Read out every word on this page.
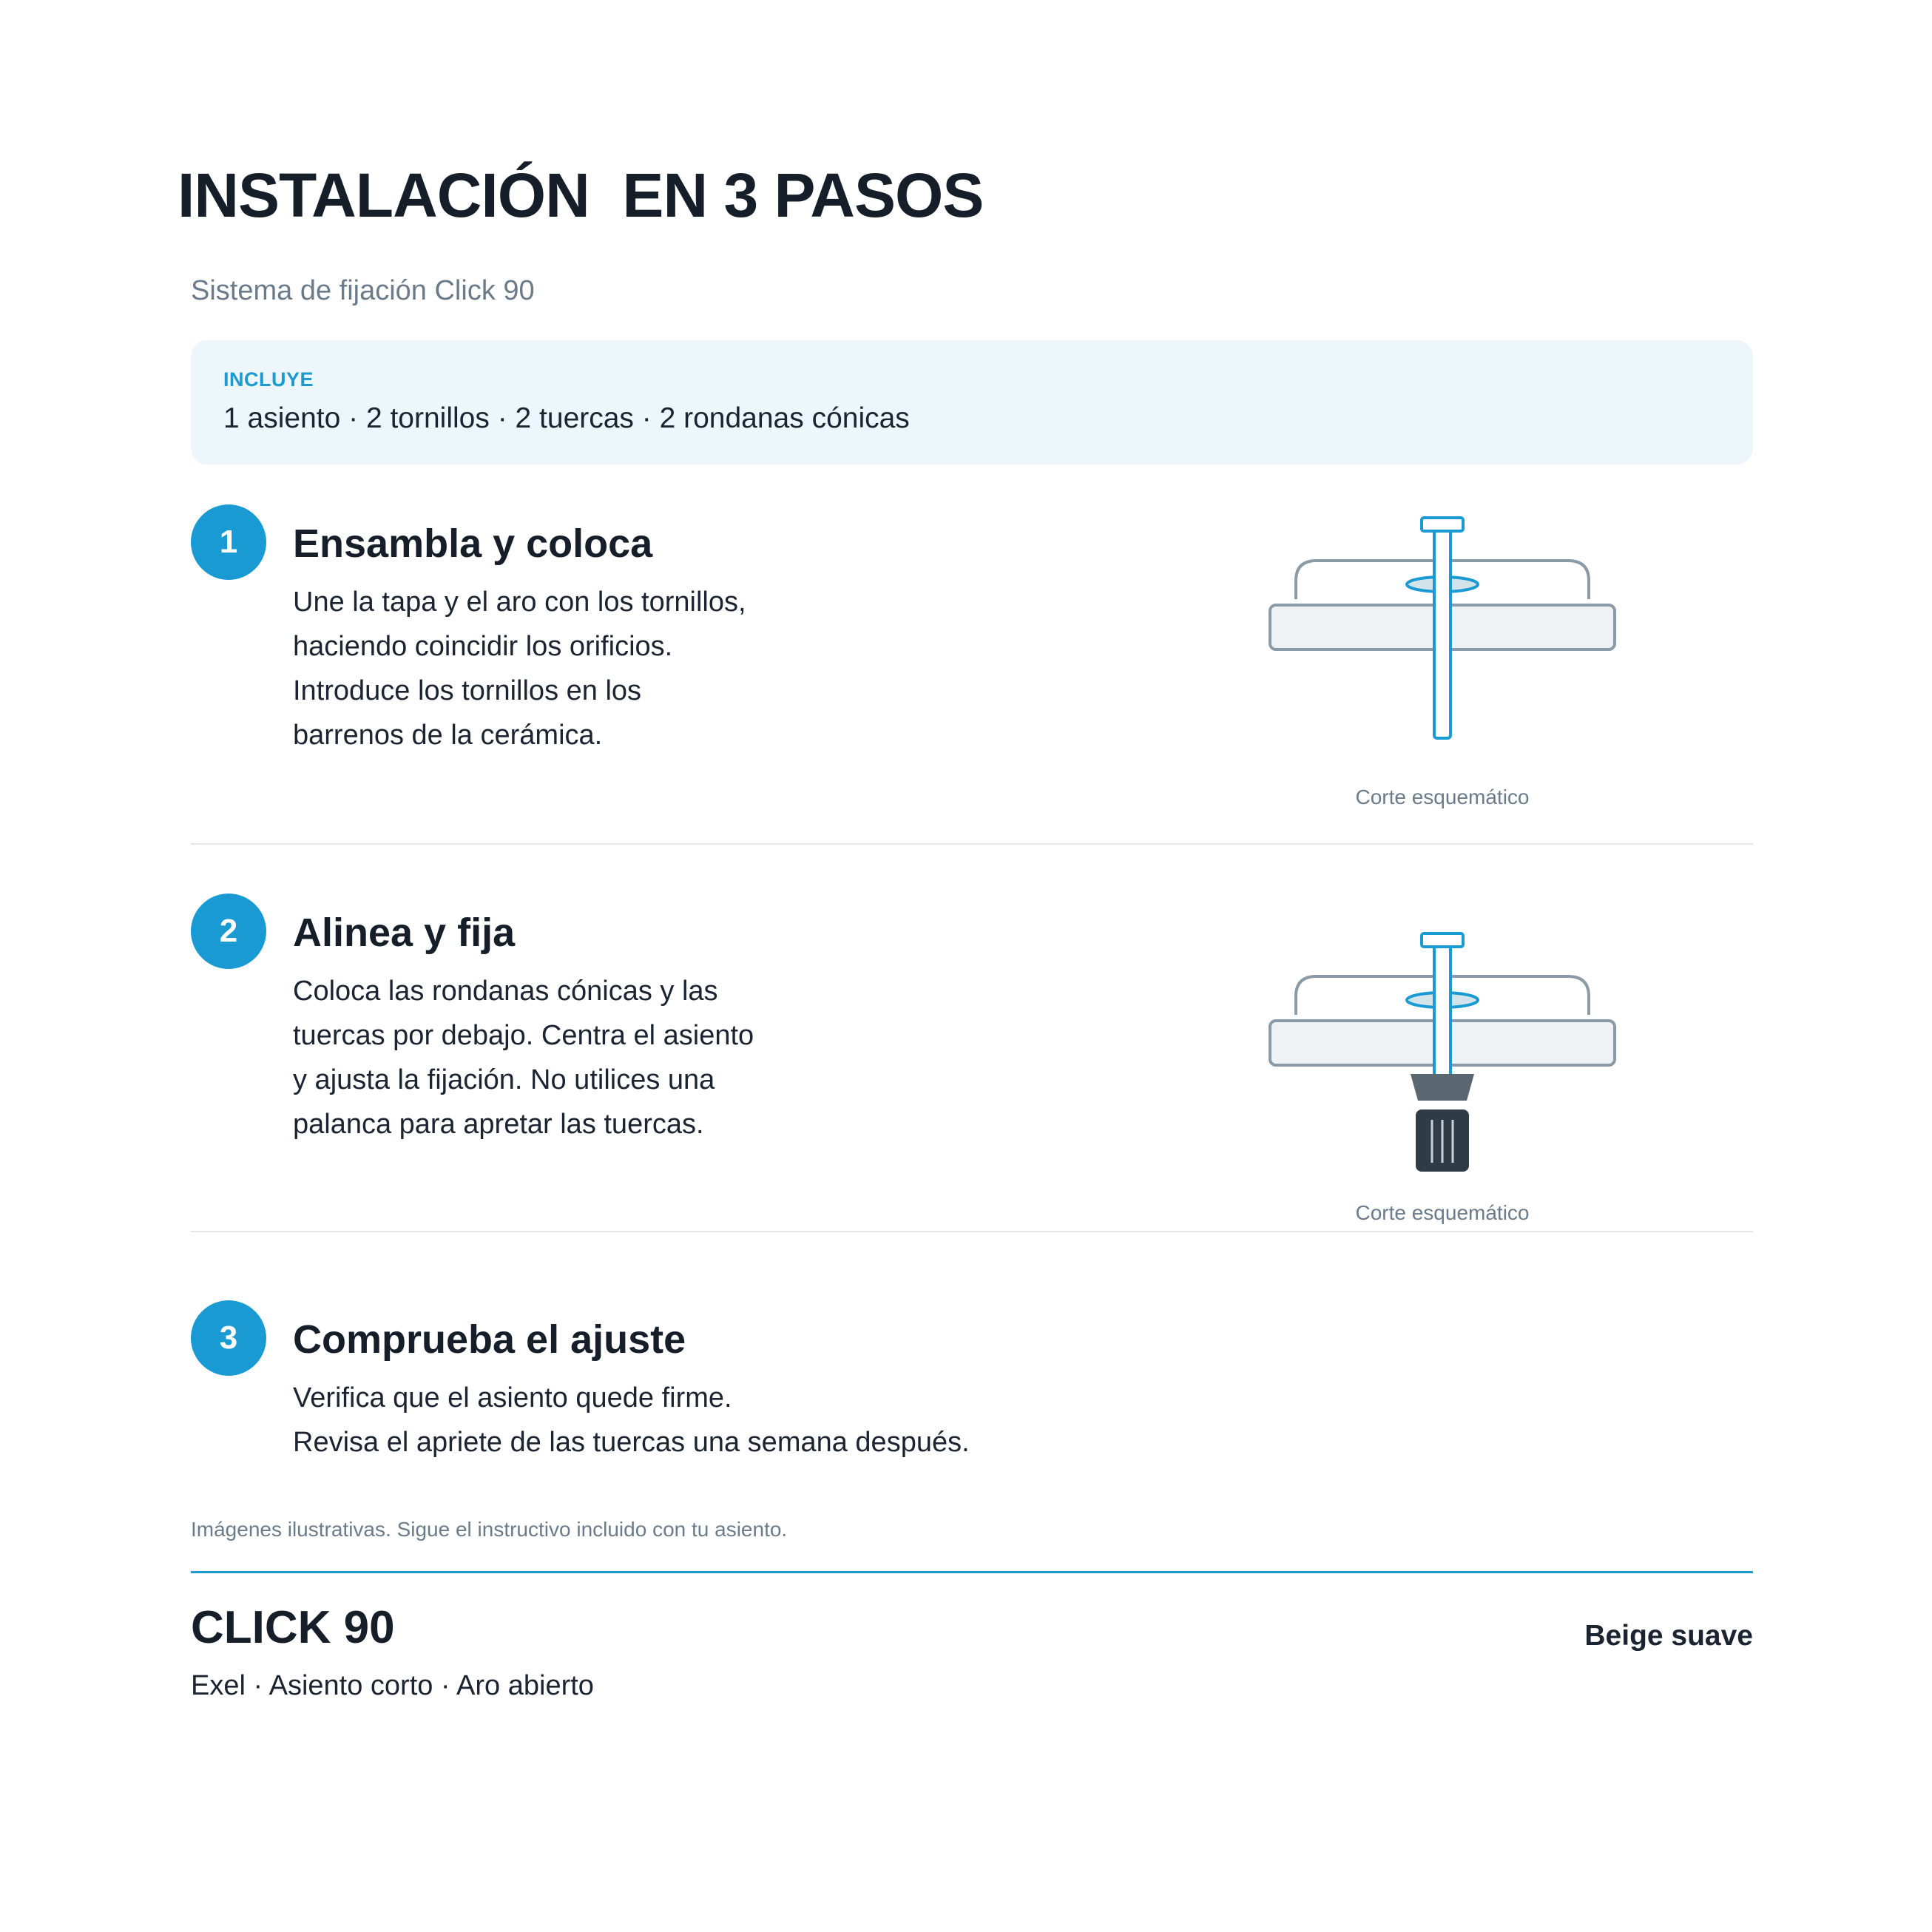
INSTALACIÓN  EN 3 PASOS
Sistema de fijación Click 90
INCLUYE
1 asiento · 2 tornillos · 2 tuercas · 2 rondanas cónicas
1	Ensambla y coloca
Une la tapa y el aro con los tornillos,
haciendo coincidir los orificios.
Introduce los tornillos en los
barrenos de la cerámica.
Corte esquemático
2	Alinea y fija
Coloca las rondanas cónicas y las
tuercas por debajo. Centra el asiento
y ajusta la fijación. No utilices una
palanca para apretar las tuercas.
Corte esquemático
3	Comprueba el ajuste
Verifica que el asiento quede firme.
Revisa el apriete de las tuercas una semana después.
Imágenes ilustrativas. Sigue el instructivo incluido con tu asiento.
CLICK 90
Exel · Asiento corto · Aro abierto
Beige suave
